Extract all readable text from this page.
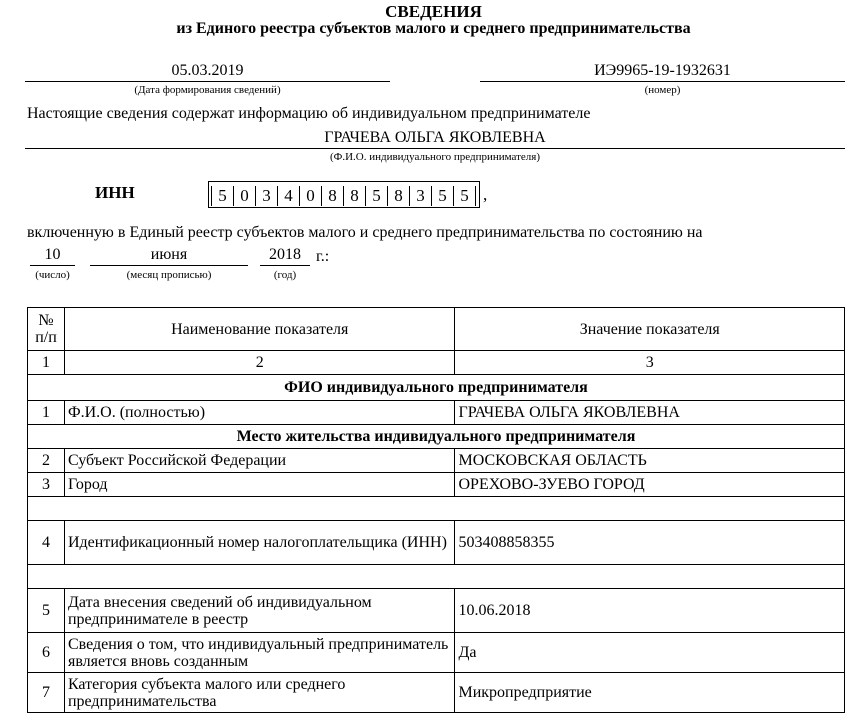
СВЕДЕНИЯ
из Единого реестра субъектов малого и среднего предпринимательства
05.03.2019
(Дата формирования сведений)
ИЭ9965-19-1932631
(номер)
Настоящие сведения содержат информацию об индивидуальном предпринимателе
ГРАЧЕВА ОЛЬГА ЯКОВЛЕВНА
(Ф.И.О. индивидуального предпринимателя)
ИНН	5 0 3 4 0 8 8 5 8 3 5 5 ,
включенную в Единый реестр субъектов малого и среднего предпринимательства по состоянию на
10
(число)
июня
(месяц прописью)
2018
(год)
г.:
№ п/п	Наименование показателя	Значение показателя
1	2	3
ФИО индивидуального предпринимателя		
1	Ф.И.О. (полностью)	ГРАЧЕВА ОЛЬГА ЯКОВЛЕВНА
Место жительства индивидуального предпринимателя		
2	Субъект Российской Федерации	МОСКОВСКАЯ ОБЛАСТЬ
3	Город	ОРЕХОВО-ЗУЕВО ГОРОД

4	Идентификационный номер налогоплательщика (ИНН)	503408858355

5	Дата внесения сведений об индивидуальном предпринимателе в реестр	10.06.2018
6	Сведения о том, что индивидуальный предприниматель является вновь созданным	Да
7	Категория субъекта малого или среднего предпринимательства	Микропредприятие
